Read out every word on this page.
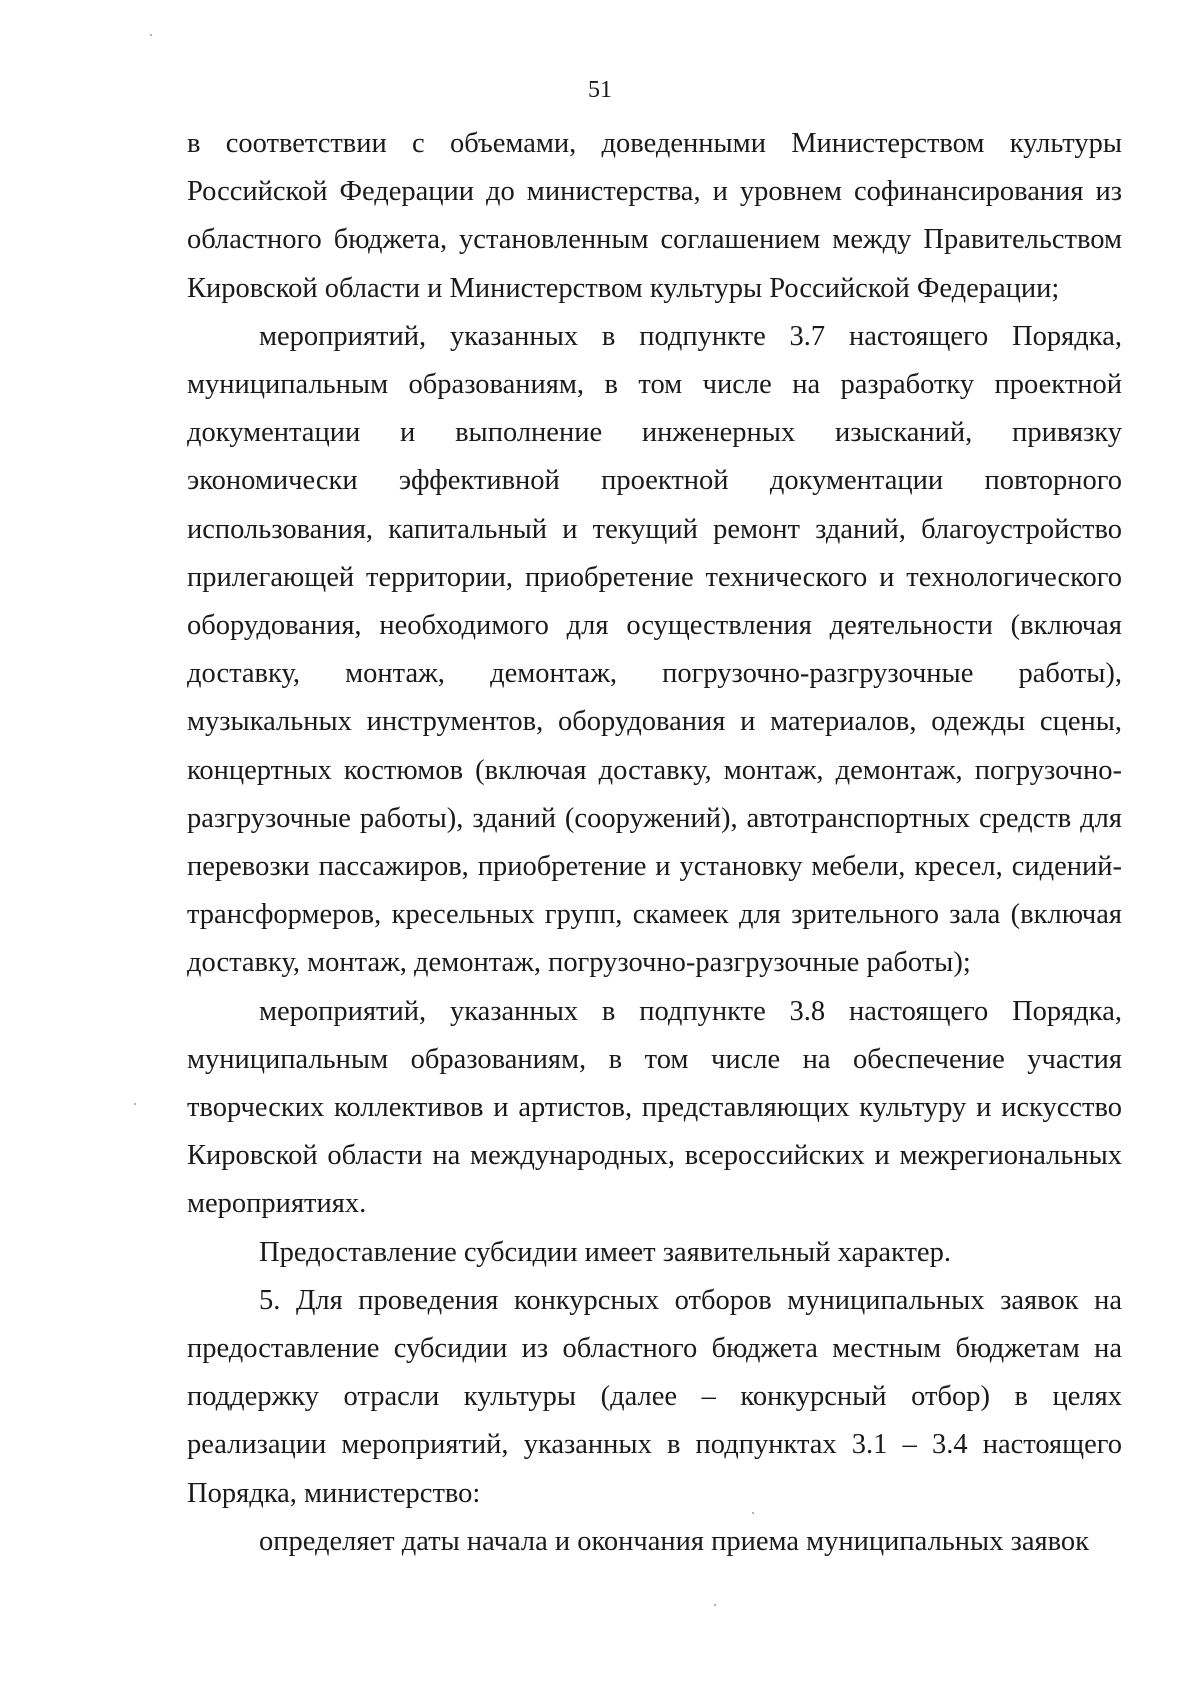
51

в соответствии с объемами, доведенными Министерством культуры Российской Федерации до министерства, и уровнем софинансирования из областного бюджета, установленным соглашением между Правительством Кировской области и Министерством культуры Российской Федерации;

мероприятий, указанных в подпункте 3.7 настоящего Порядка, муниципальным образованиям, в том числе на разработку проектной документации и выполнение инженерных изысканий, привязку экономически эффективной проектной документации повторного использования, капитальный и текущий ремонт зданий, благоустройство прилегающей территории, приобретение технического и технологического оборудования, необходимого для осуществления деятельности (включая доставку, монтаж, демонтаж, погрузочно-разгрузочные работы), музыкальных инструментов, оборудования и материалов, одежды сцены, концертных костюмов (включая доставку, монтаж, демонтаж, погрузочно-разгрузочные работы), зданий (сооружений), автотранспортных средств для перевозки пассажиров, приобретение и установку мебели, кресел, сидений-трансформеров, кресельных групп, скамеек для зрительного зала (включая доставку, монтаж, демонтаж, погрузочно-разгрузочные работы);

мероприятий, указанных в подпункте 3.8 настоящего Порядка, муниципальным образованиям, в том числе на обеспечение участия творческих коллективов и артистов, представляющих культуру и искусство Кировской области на международных, всероссийских и межрегиональных мероприятиях.

Предоставление субсидии имеет заявительный характер.

5. Для проведения конкурсных отборов муниципальных заявок на предоставление субсидии из областного бюджета местным бюджетам на поддержку отрасли культуры (далее – конкурсный отбор) в целях реализации мероприятий, указанных в подпунктах 3.1 – 3.4 настоящего Порядка, министерство:

определяет даты начала и окончания приема муниципальных заявок
